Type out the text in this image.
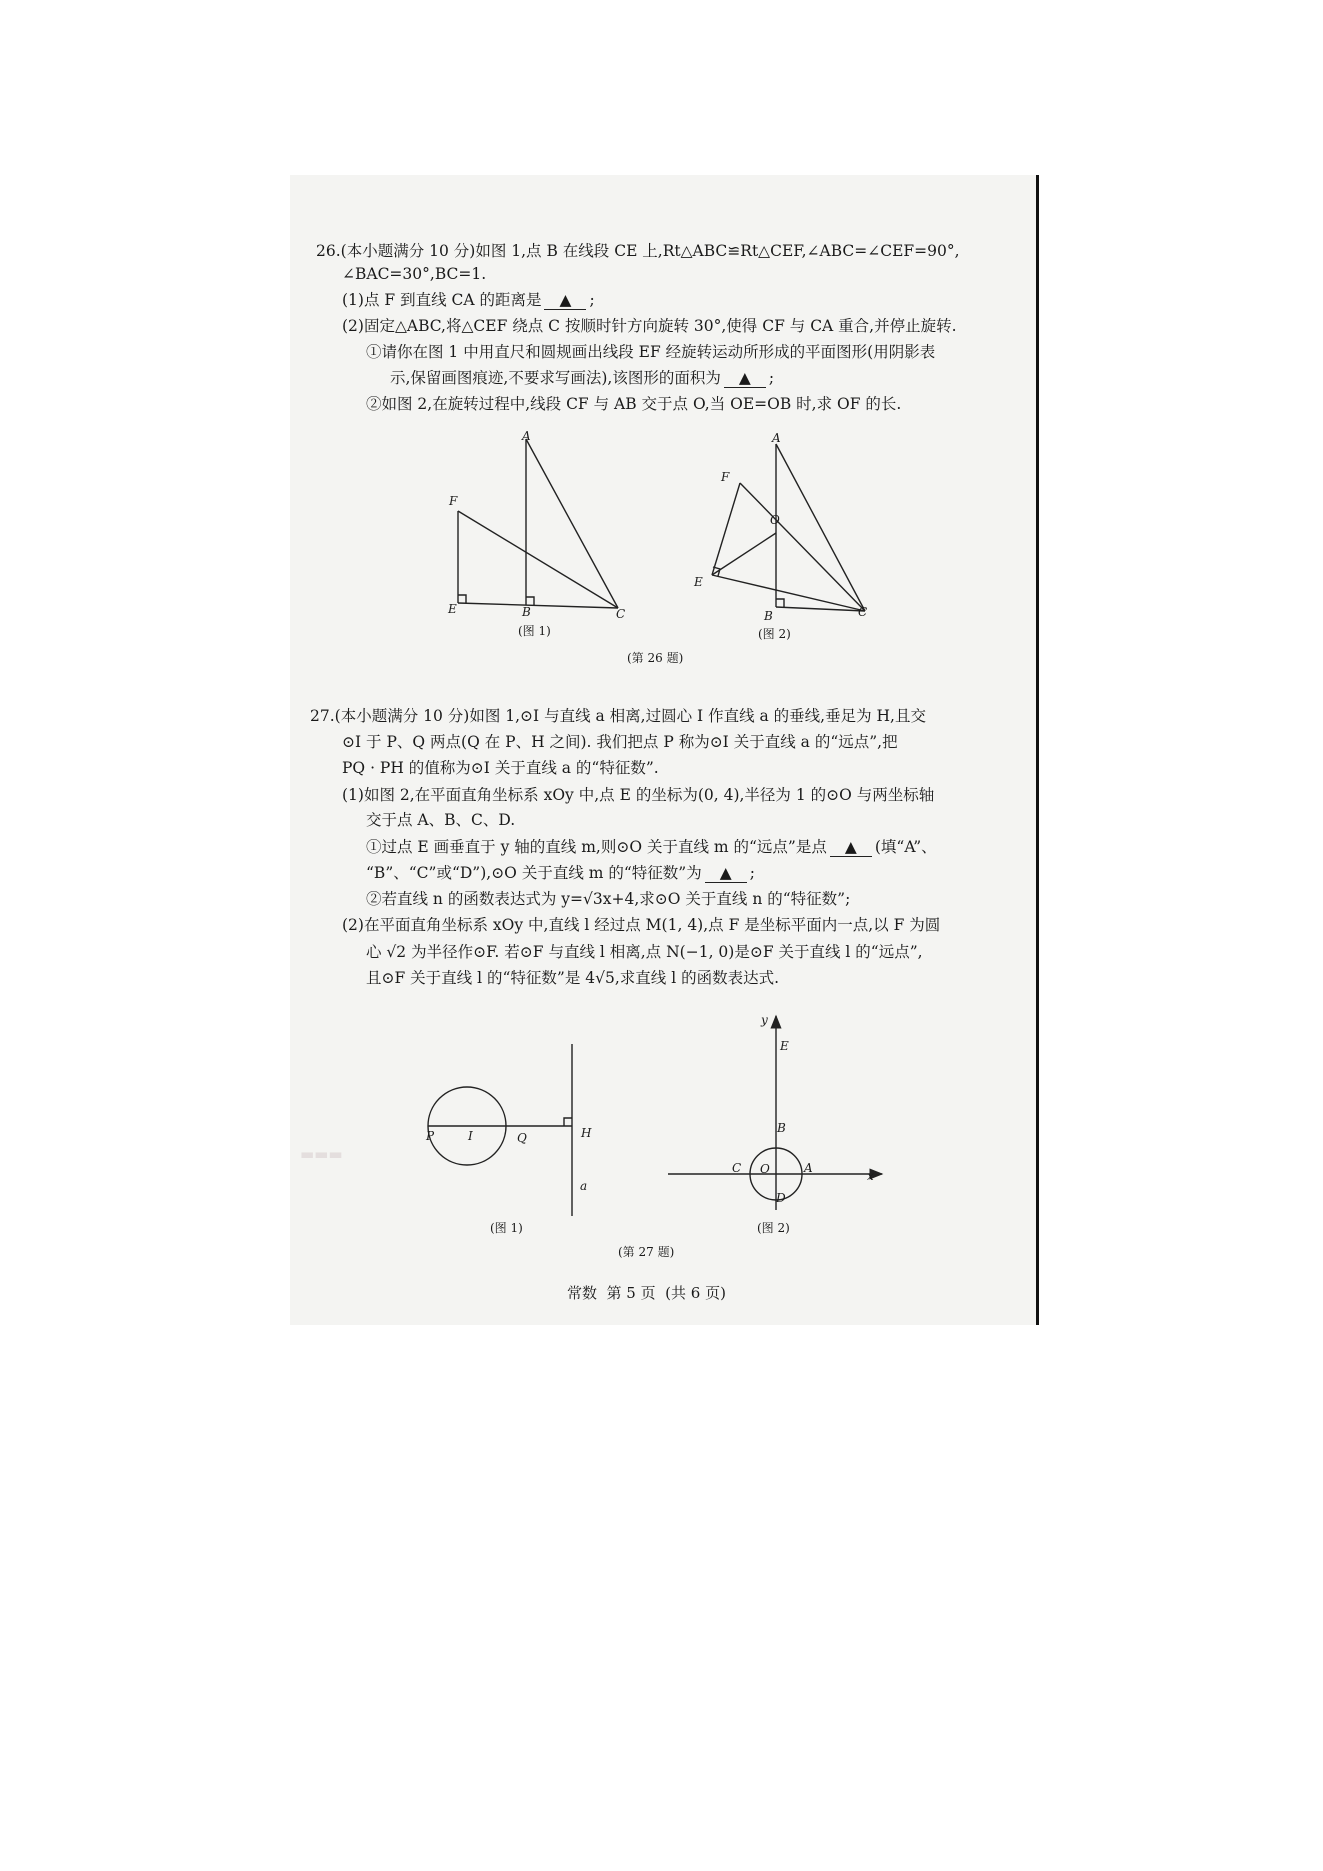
26.(本小题满分 10 分)如图 1,点 B 在线段 CE 上,Rt△ABC≌Rt△CEF,∠ABC=∠CEF=90°,
∠BAC=30°,BC=1.
(1)点 F 到直线 CA 的距离是 ▲ ;
(2)固定△ABC,将△CEF 绕点 C 按顺时针方向旋转 30°,使得 CF 与 CA 重合,并停止旋转.
①请你在图 1 中用直尺和圆规画出线段 EF 经旋转运动所形成的平面图形(用阴影表
示,保留画图痕迹,不要求写画法),该图形的面积为 ▲ ;
②如图 2,在旋转过程中,线段 CF 与 AB 交于点 O,当 OE=OB 时,求 OF 的长.
A
F
E	B	C
(图 1)
A
F
O
E
B	C
(图 2)
(第 26 题)
27.(本小题满分 10 分)如图 1,⊙I 与直线 a 相离,过圆心 I 作直线 a 的垂线,垂足为 H,且交
⊙I 于 P、Q 两点(Q 在 P、H 之间). 我们把点 P 称为⊙I 关于直线 a 的“远点”,把
PQ · PH 的值称为⊙I 关于直线 a 的“特征数”.
(1)如图 2,在平面直角坐标系 xOy 中,点 E 的坐标为(0, 4),半径为 1 的⊙O 与两坐标轴
交于点 A、B、C、D.
①过点 E 画垂直于 y 轴的直线 m,则⊙O 关于直线 m 的“远点”是点 ▲ (填“A”、
“B”、“C”或“D”),⊙O 关于直线 m 的“特征数”为 ▲ ;
②若直线 n 的函数表达式为 y=√3x+4,求⊙O 关于直线 n 的“特征数”;
(2)在平面直角坐标系 xOy 中,直线 l 经过点 M(1, 4),点 F 是坐标平面内一点,以 F 为圆
心 √2 为半径作⊙F. 若⊙F 与直线 l 相离,点 N(−1, 0)是⊙F 关于直线 l 的“远点”,
且⊙F 关于直线 l 的“特征数”是 4√5,求直线 l 的函数表达式.
▬▬▬
P	I	Q	H
a
(图 1)
y
E
B
C O	A
x
D
(图 2)
(第 27 题)
常数  第 5 页  (共 6 页)
